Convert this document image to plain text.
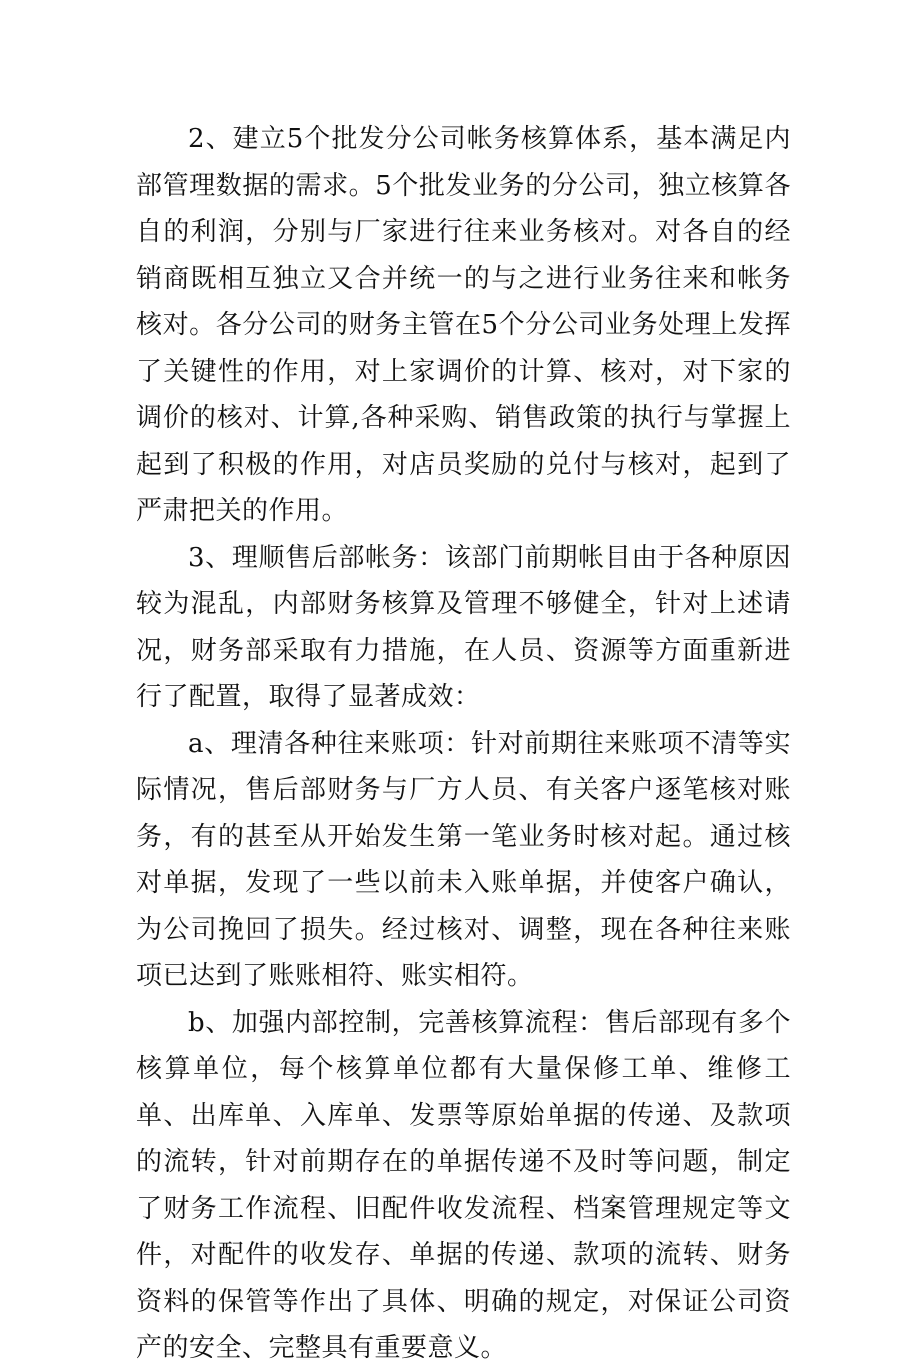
2、建立5个批发分公司帐务核算体系，基本满足内部管理数据的需求。5个批发业务的分公司，独立核算各自的利润，分别与厂家进行往来业务核对。对各自的经销商既相互独立又合并统一的与之进行业务往来和帐务核对。各分公司的财务主管在5个分公司业务处理上发挥了关键性的作用，对上家调价的计算、核对，对下家的调价的核对、计算,各种采购、销售政策的执行与掌握上起到了积极的作用，对店员奖励的兑付与核对，起到了严肃把关的作用。

3、理顺售后部帐务：该部门前期帐目由于各种原因较为混乱，内部财务核算及管理不够健全，针对上述请况，财务部采取有力措施，在人员、资源等方面重新进行了配置，取得了显著成效：

a、理清各种往来账项：针对前期往来账项不清等实际情况，售后部财务与厂方人员、有关客户逐笔核对账务，有的甚至从开始发生第一笔业务时核对起。通过核对单据，发现了一些以前未入账单据，并使客户确认，为公司挽回了损失。经过核对、调整，现在各种往来账项已达到了账账相符、账实相符。

b、加强内部控制，完善核算流程：售后部现有多个核算单位，每个核算单位都有大量保修工单、维修工单、出库单、入库单、发票等原始单据的传递、及款项的流转，针对前期存在的单据传递不及时等问题，制定了财务工作流程、旧配件收发流程、档案管理规定等文件，对配件的收发存、单据的传递、款项的流转、财务资料的保管等作出了具体、明确的规定，对保证公司资产的安全、完整具有重要意义。
